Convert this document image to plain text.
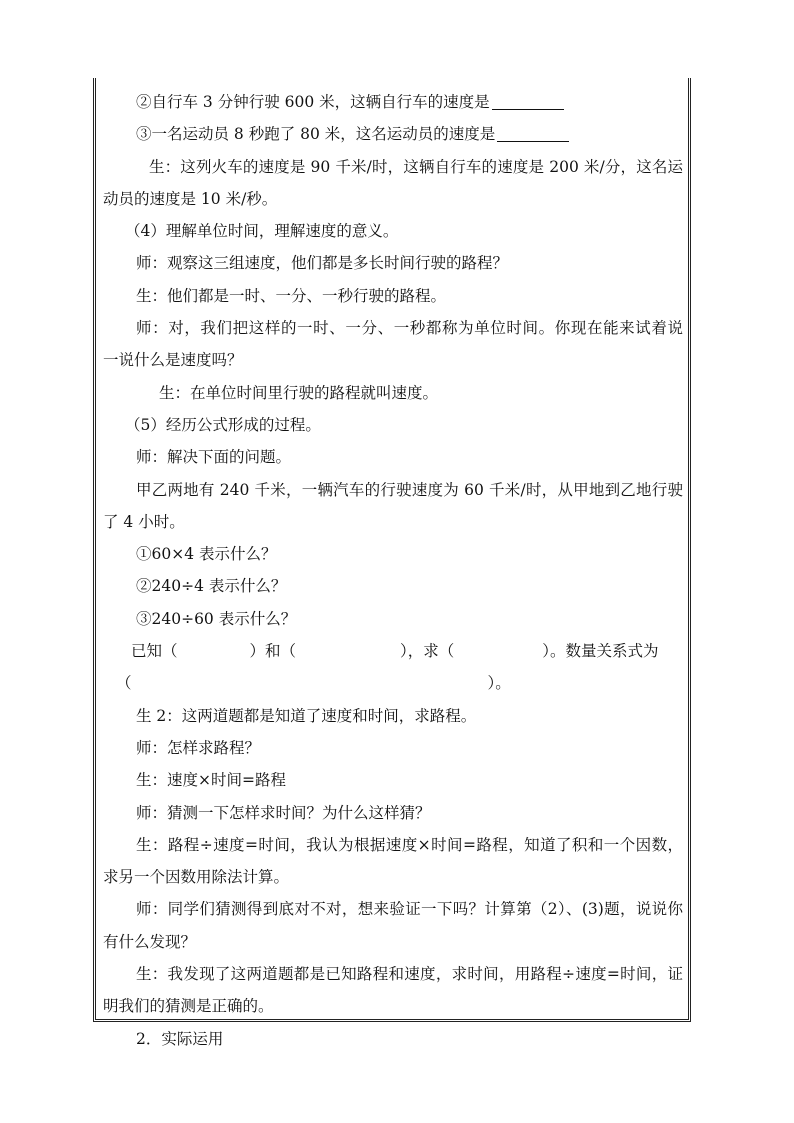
②自行车 3 分钟行驶 600 米，这辆自行车的速度是

③一名运动员 8 秒跑了 80 米，这名运动员的速度是

生：这列火车的速度是 90 千米/时，这辆自行车的速度是 200 米/分，这名运

动员的速度是 10 米/秒。

（4）理解单位时间，理解速度的意义。

师：观察这三组速度，他们都是多长时间行驶的路程？

生：他们都是一时、一分、一秒行驶的路程。

师：对，我们把这样的一时、一分、一秒都称为单位时间。你现在能来试着说

一说什么是速度吗？

生：在单位时间里行驶的路程就叫速度。

（5）经历公式形成的过程。

师：解决下面的问题。

甲乙两地有 240 千米，一辆汽车的行驶速度为 60 千米/时，从甲地到乙地行驶

了 4 小时。

①60×4 表示什么？

②240÷4 表示什么？

③240÷60 表示什么？

已知（	）和（	），求（	）。数量关系式为

（	）。

生 2：这两道题都是知道了速度和时间，求路程。

师：怎样求路程？

生：速度×时间=路程

师：猜测一下怎样求时间？为什么这样猜？

生：路程÷速度=时间，我认为根据速度×时间=路程，知道了积和一个因数，

求另一个因数用除法计算。

师：同学们猜测得到底对不对，想来验证一下吗？计算第（2）、(3)题，说说你

有什么发现？

生：我发现了这两道题都是已知路程和速度，求时间，用路程÷速度=时间，证

明我们的猜测是正确的。

2．实际运用
